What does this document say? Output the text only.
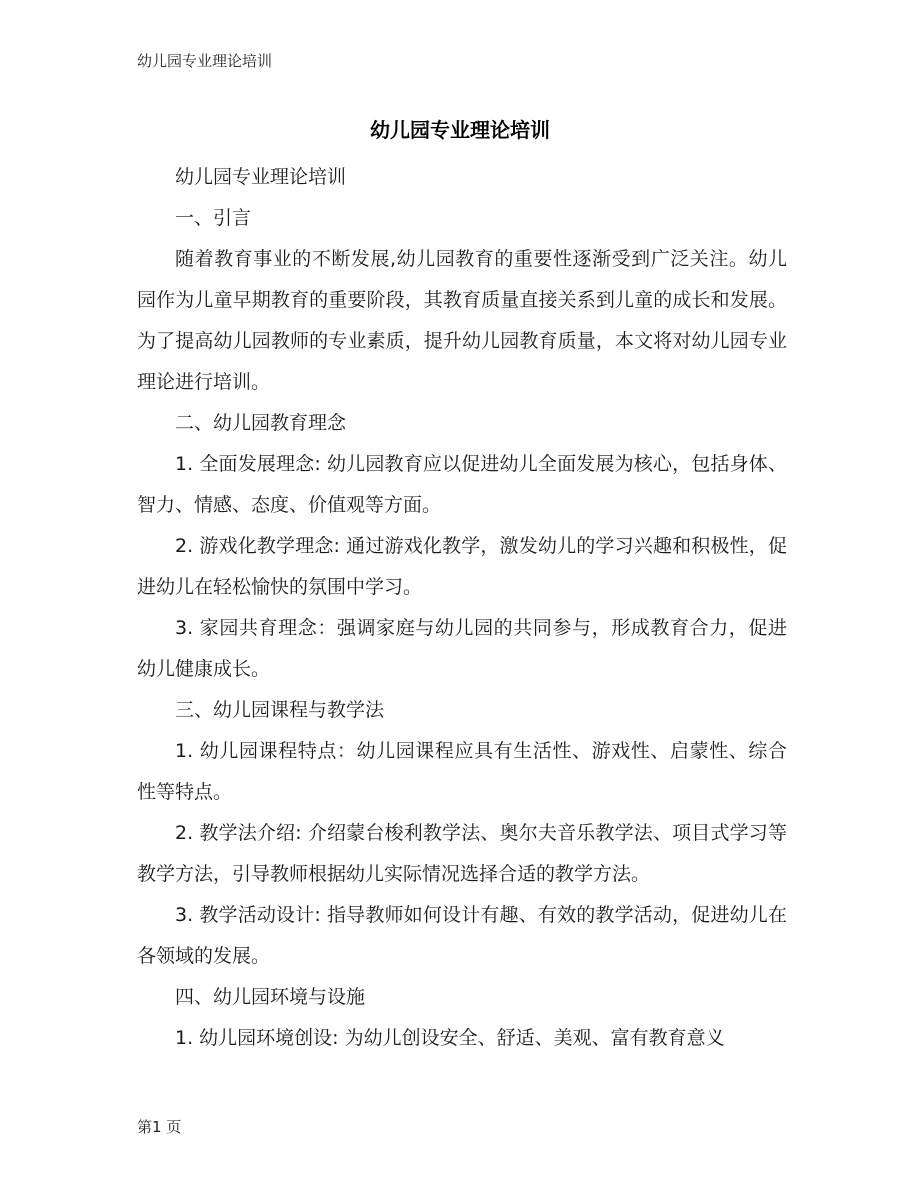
幼儿园专业理论培训
幼儿园专业理论培训

幼儿园专业理论培训

一、引言

随着教育事业的不断发展,幼儿园教育的重要性逐渐受到广泛关注。幼儿园作为儿童早期教育的重要阶段，其教育质量直接关系到儿童的成长和发展。为了提高幼儿园教师的专业素质，提升幼儿园教育质量，本文将对幼儿园专业理论进行培训。

二、幼儿园教育理念

1. 全面发展理念: 幼儿园教育应以促进幼儿全面发展为核心，包括身体、智力、情感、态度、价值观等方面。

2. 游戏化教学理念: 通过游戏化教学，激发幼儿的学习兴趣和积极性，促进幼儿在轻松愉快的氛围中学习。

3. 家园共育理念：强调家庭与幼儿园的共同参与，形成教育合力，促进幼儿健康成长。

三、幼儿园课程与教学法

1. 幼儿园课程特点：幼儿园课程应具有生活性、游戏性、启蒙性、综合性等特点。

2. 教学法介绍: 介绍蒙台梭利教学法、奥尔夫音乐教学法、项目式学习等教学方法，引导教师根据幼儿实际情况选择合适的教学方法。

3. 教学活动设计: 指导教师如何设计有趣、有效的教学活动，促进幼儿在各领域的发展。

四、幼儿园环境与设施

1. 幼儿园环境创设: 为幼儿创设安全、舒适、美观、富有教育意义

第1 页
